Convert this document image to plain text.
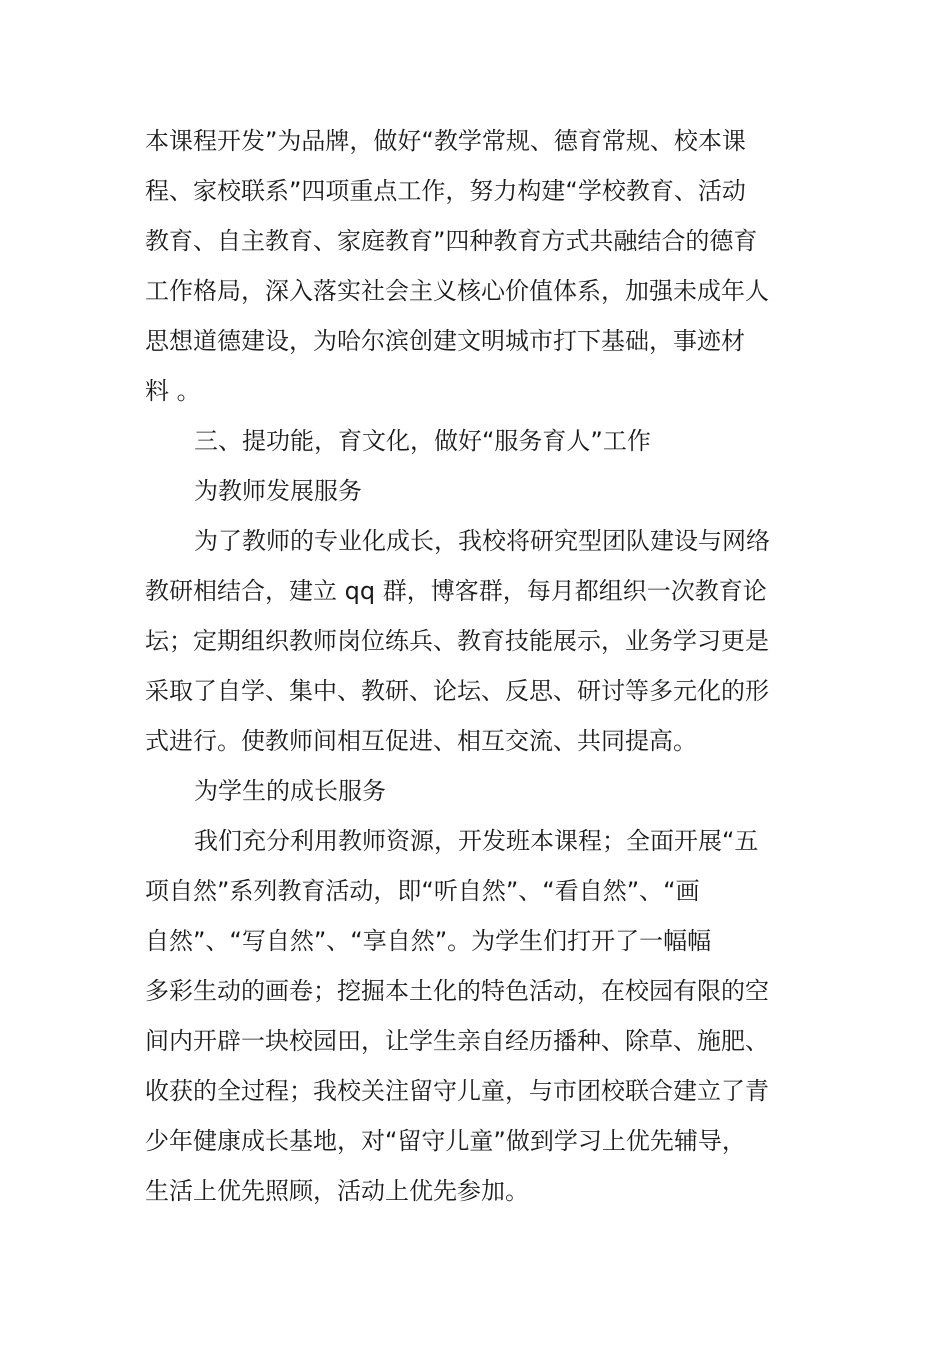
本课程开发”为品牌，做好“教学常规、德育常规、校本课
程、家校联系”四项重点工作，努力构建“学校教育、活动
教育、自主教育、家庭教育”四种教育方式共融结合的德育
工作格局，深入落实社会主义核心价值体系，加强未成年人
思想道德建设，为哈尔滨创建文明城市打下基础，事迹材
料 。
三、提功能，育文化，做好“服务育人”工作
为教师发展服务
为了教师的专业化成长，我校将研究型团队建设与网络
教研相结合，建立 qq 群，博客群，每月都组织一次教育论
坛；定期组织教师岗位练兵、教育技能展示，业务学习更是
采取了自学、集中、教研、论坛、反思、研讨等多元化的形
式进行。使教师间相互促进、相互交流、共同提高。
为学生的成长服务
我们充分利用教师资源，开发班本课程；全面开展“五
项自然”系列教育活动，即“听自然”、“看自然”、“画
自然”、“写自然”、“享自然”。为学生们打开了一幅幅
多彩生动的画卷；挖掘本土化的特色活动，在校园有限的空
间内开辟一块校园田，让学生亲自经历播种、除草、施肥、
收获的全过程；我校关注留守儿童，与市团校联合建立了青
少年健康成长基地，对“留守儿童”做到学习上优先辅导，
生活上优先照顾，活动上优先参加。
